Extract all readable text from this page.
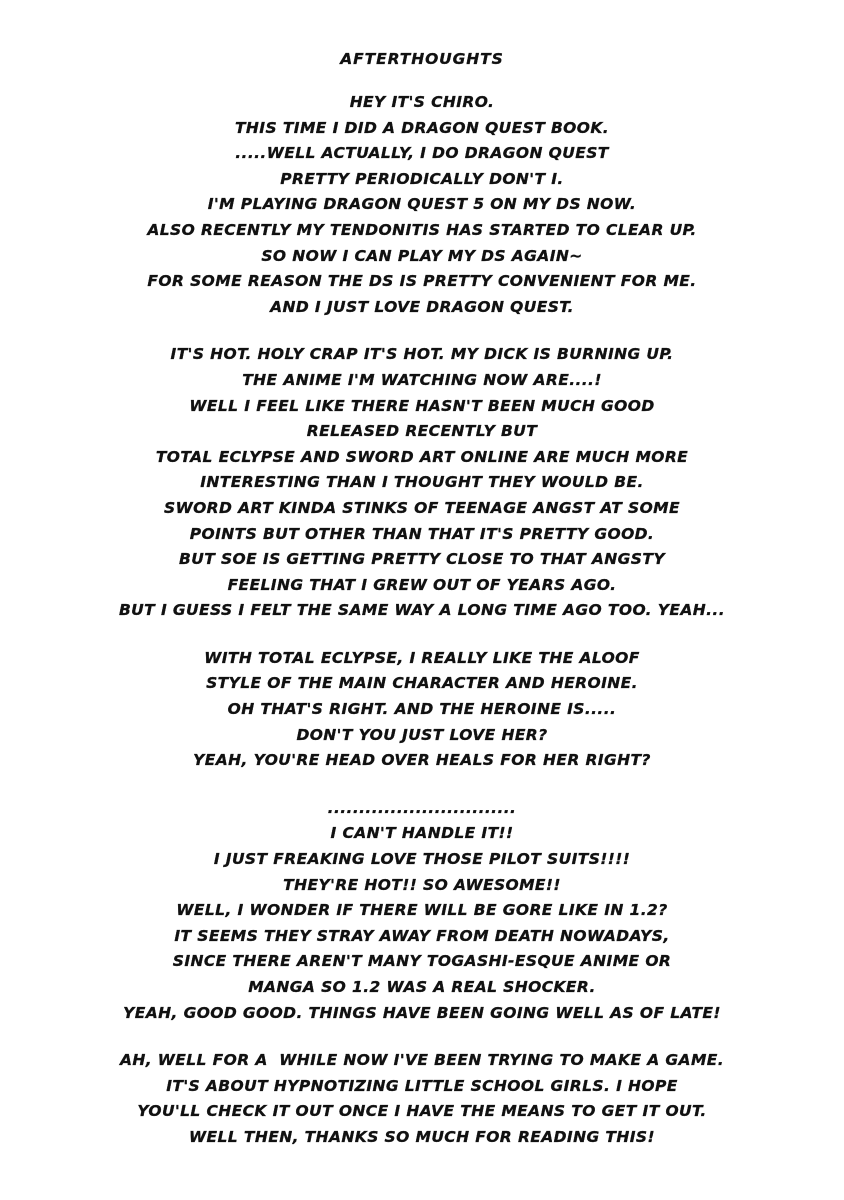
AFTERTHOUGHTS
HEY IT'S CHIRO.
THIS TIME I DID A DRAGON QUEST BOOK.
.....WELL ACTUALLY, I DO DRAGON QUEST
PRETTY PERIODICALLY DON'T I.
I'M PLAYING DRAGON QUEST 5 ON MY DS NOW.
ALSO RECENTLY MY TENDONITIS HAS STARTED TO CLEAR UP.
SO NOW I CAN PLAY MY DS AGAIN~
FOR SOME REASON THE DS IS PRETTY CONVENIENT FOR ME.
AND I JUST LOVE DRAGON QUEST.
IT'S HOT. HOLY CRAP IT'S HOT. MY DICK IS BURNING UP.
THE ANIME I'M WATCHING NOW ARE....!
WELL I FEEL LIKE THERE HASN'T BEEN MUCH GOOD
RELEASED RECENTLY BUT
TOTAL ECLYPSE AND SWORD ART ONLINE ARE MUCH MORE
INTERESTING THAN I THOUGHT THEY WOULD BE.
SWORD ART KINDA STINKS OF TEENAGE ANGST AT SOME
POINTS BUT OTHER THAN THAT IT'S PRETTY GOOD.
BUT SOE IS GETTING PRETTY CLOSE TO THAT ANGSTY
FEELING THAT I GREW OUT OF YEARS AGO.
BUT I GUESS I FELT THE SAME WAY A LONG TIME AGO TOO. YEAH...
WITH TOTAL ECLYPSE, I REALLY LIKE THE ALOOF
STYLE OF THE MAIN CHARACTER AND HEROINE.
OH THAT'S RIGHT. AND THE HEROINE IS.....
DON'T YOU JUST LOVE HER?
YEAH, YOU'RE HEAD OVER HEALS FOR HER RIGHT?
..............................
I CAN'T HANDLE IT!!
I JUST FREAKING LOVE THOSE PILOT SUITS!!!!
THEY'RE HOT!! SO AWESOME!!
WELL, I WONDER IF THERE WILL BE GORE LIKE IN 1.2?
IT SEEMS THEY STRAY AWAY FROM DEATH NOWADAYS,
SINCE THERE AREN'T MANY TOGASHI-ESQUE ANIME OR
MANGA SO 1.2 WAS A REAL SHOCKER.
YEAH, GOOD GOOD. THINGS HAVE BEEN GOING WELL AS OF LATE!
AH, WELL FOR A  WHILE NOW I'VE BEEN TRYING TO MAKE A GAME.
IT'S ABOUT HYPNOTIZING LITTLE SCHOOL GIRLS. I HOPE
YOU'LL CHECK IT OUT ONCE I HAVE THE MEANS TO GET IT OUT.
WELL THEN, THANKS SO MUCH FOR READING THIS!
